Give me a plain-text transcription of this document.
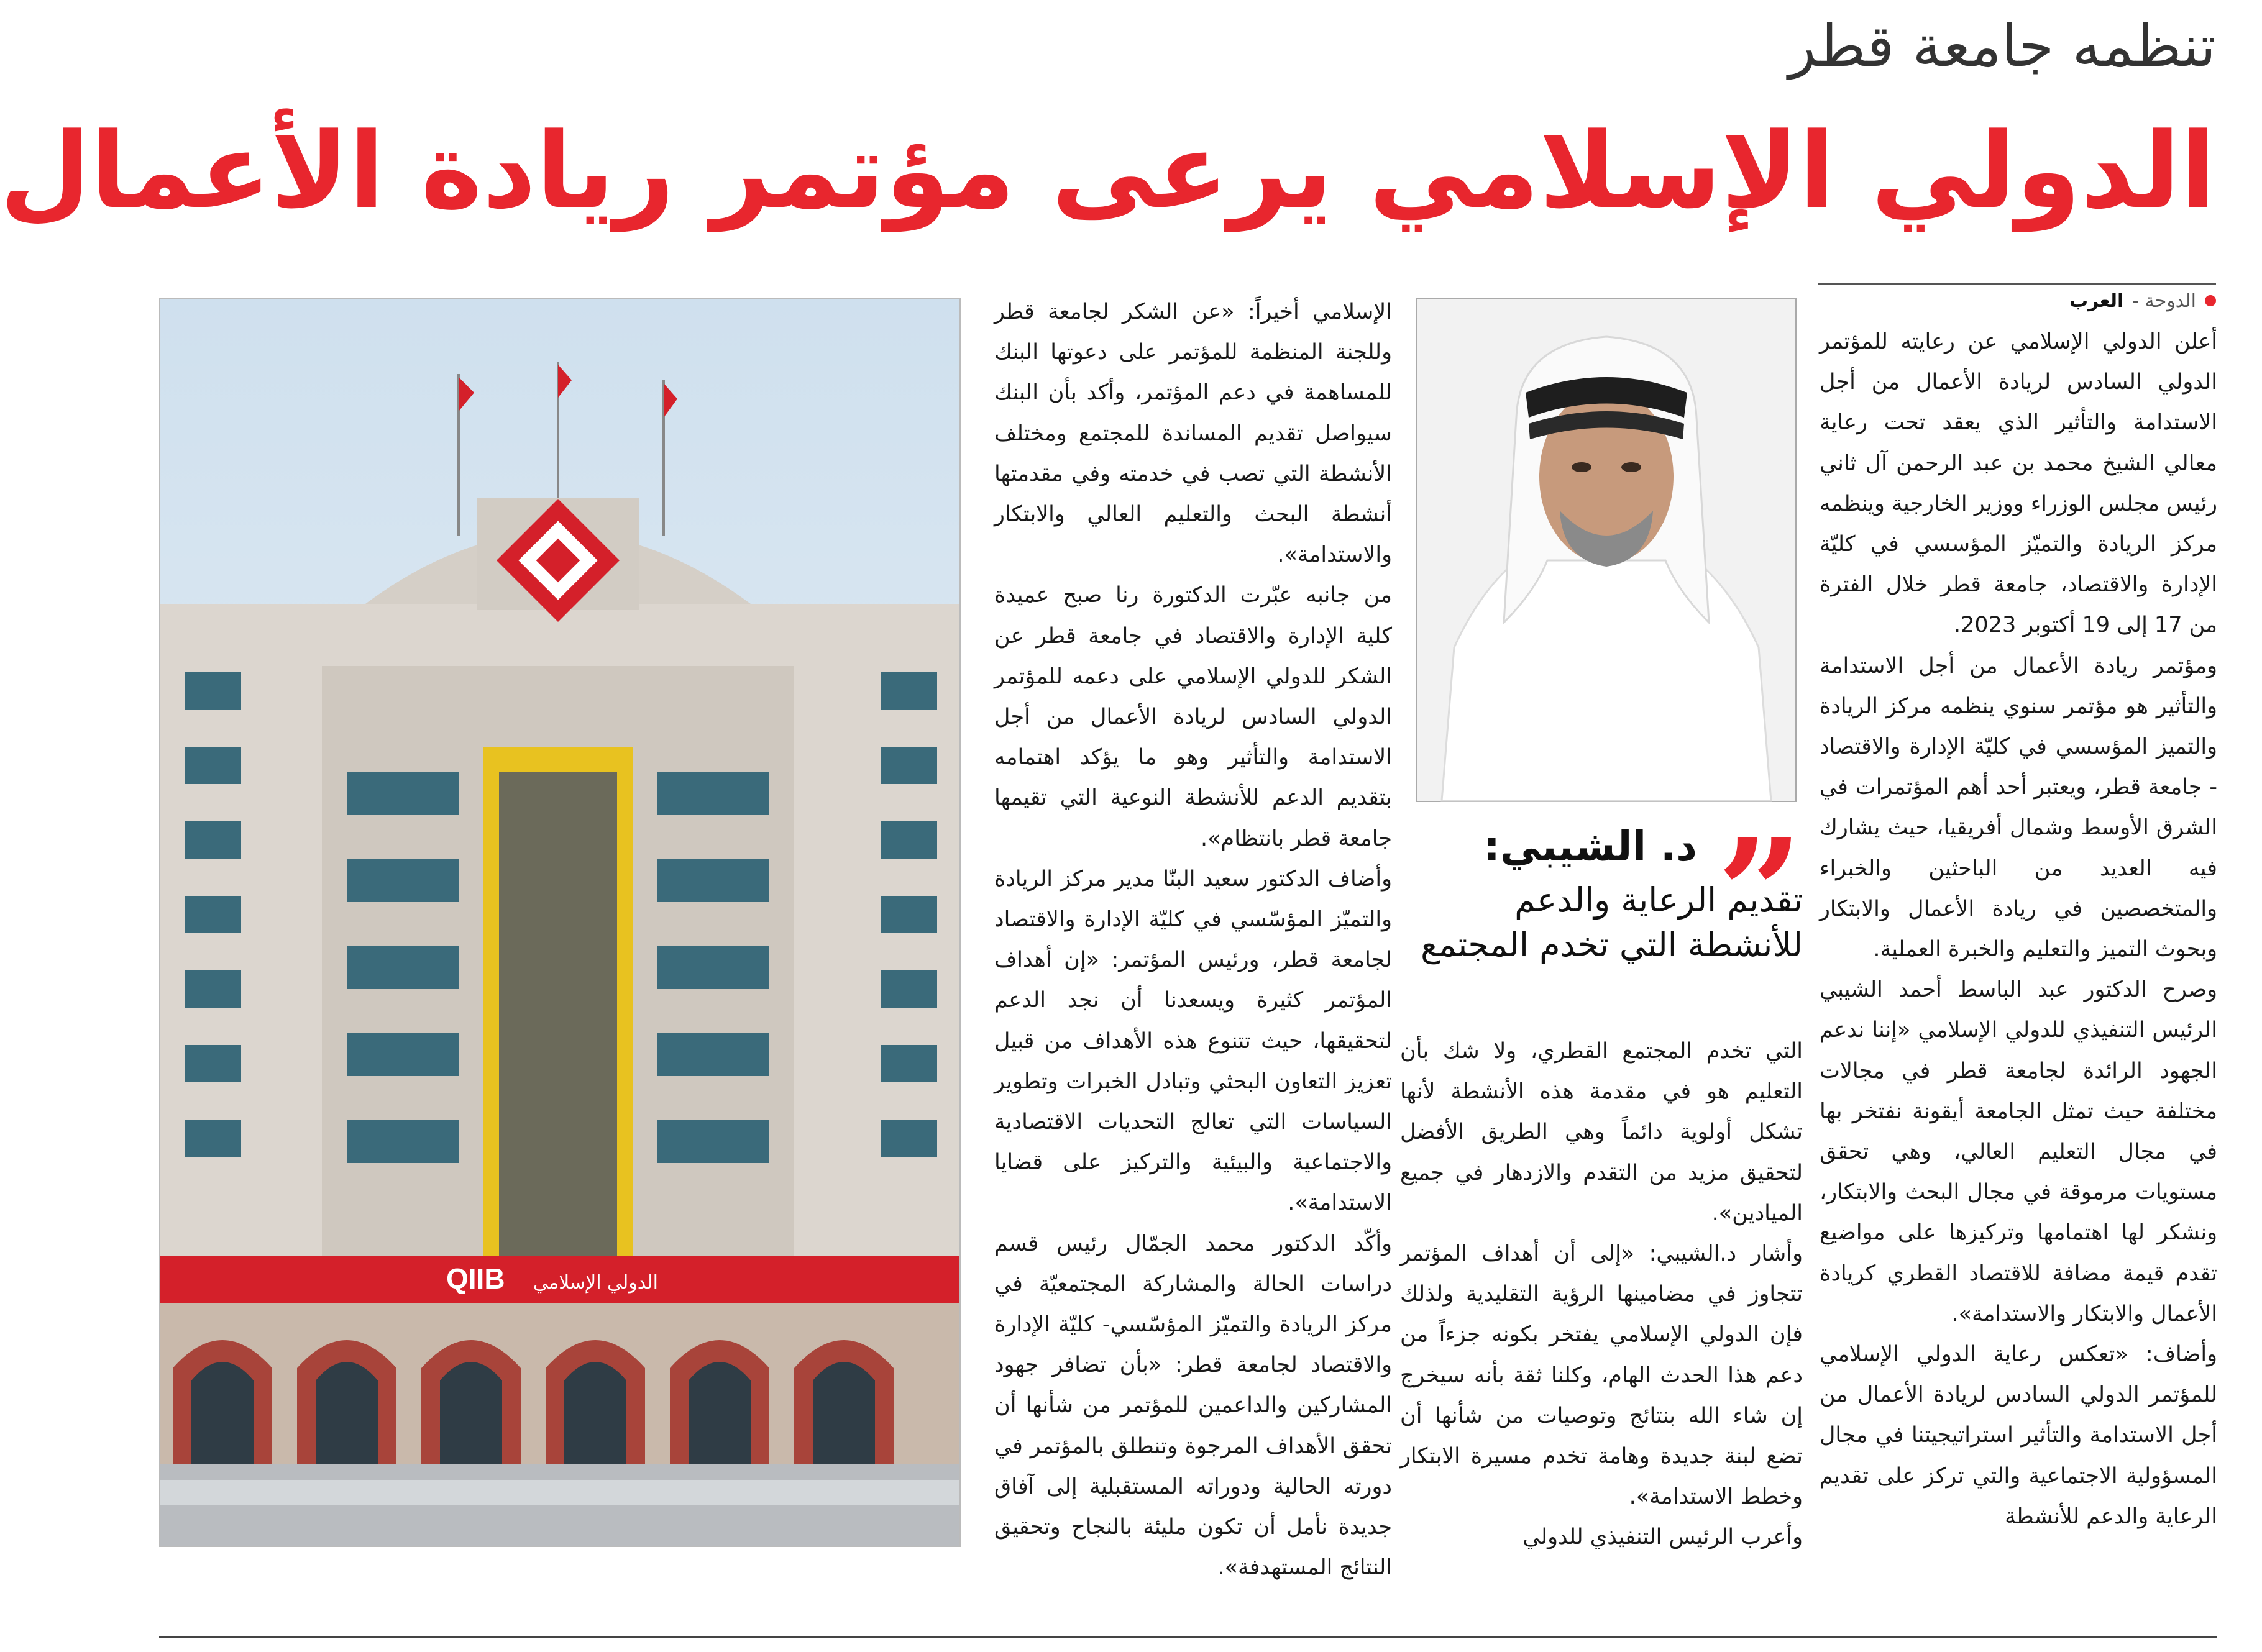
تنظمه جامعة قطر
الدولي الإسلامي يرعى مؤتمر ريادة الأعمال
الدوحة -
العرب

أعلن الدولي الإسلامي عن رعايته للمؤتمر الدولي السادس لريادة الأعمال من أجل الاستدامة والتأثير الذي يعقد تحت رعاية معالي الشيخ محمد بن عبد الرحمن آل ثاني رئيس مجلس الوزراء ووزير الخارجية وينظمه مركز الريادة والتميّز المؤسسي في كليّة الإدارة والاقتصاد، جامعة قطر خلال الفترة من 17 إلى 19 أكتوبر 2023.

ومؤتمر ريادة الأعمال من أجل الاستدامة والتأثير هو مؤتمر سنوي ينظمه مركز الريادة والتميز المؤسسي في كليّة الإدارة والاقتصاد - جامعة قطر، ويعتبر أحد أهم المؤتمرات في الشرق الأوسط وشمال أفريقيا، حيث يشارك فيه العديد من الباحثين والخبراء والمتخصصين في ريادة الأعمال والابتكار وبحوث التميز والتعليم والخبرة العملية.

وصرح الدكتور عبد الباسط أحمد الشيبي الرئيس التنفيذي للدولي الإسلامي «إننا ندعم الجهود الرائدة لجامعة قطر في مجالات مختلفة حيث تمثل الجامعة أيقونة نفتخر بها في مجال التعليم العالي، وهي تحقق مستويات مرموقة في مجال البحث والابتكار، ونشكر لها اهتمامها وتركيزها على مواضيع تقدم قيمة مضافة للاقتصاد القطري كريادة الأعمال والابتكار والاستدامة».

وأضاف: «تعكس رعاية الدولي الإسلامي للمؤتمر الدولي السادس لريادة الأعمال من أجل الاستدامة والتأثير استراتيجيتنا في مجال المسؤولية الاجتماعية والتي تركز على تقديم الرعاية والدعم للأنشطة

”
د. الشيبي:
تقديم الرعاية والدعم للأنشطة التي تخدم المجتمع

التي تخدم المجتمع القطري، ولا شك بأن التعليم هو في مقدمة هذه الأنشطة لأنها تشكل أولوية دائماً وهي الطريق الأفضل لتحقيق مزيد من التقدم والازدهار في جميع الميادين».

وأشار د.الشيبي: «إلى أن أهداف المؤتمر تتجاوز في مضامينها الرؤية التقليدية ولذلك فإن الدولي الإسلامي يفتخر بكونه جزءاً من دعم هذا الحدث الهام، وكلنا ثقة بأنه سيخرج إن شاء الله بنتائج وتوصيات من شأنها أن تضع لبنة جديدة وهامة تخدم مسيرة الابتكار وخطط الاستدامة».

وأعرب الرئيس التنفيذي للدولي

الإسلامي أخيراً: «عن الشكر لجامعة قطر وللجنة المنظمة للمؤتمر على دعوتها البنك للمساهمة في دعم المؤتمر، وأكد بأن البنك سيواصل تقديم المساندة للمجتمع ومختلف الأنشطة التي تصب في خدمته وفي مقدمتها أنشطة البحث والتعليم العالي والابتكار والاستدامة».

من جانبه عبّرت الدكتورة رنا صبح عميدة كلية الإدارة والاقتصاد في جامعة قطر عن الشكر للدولي الإسلامي على دعمه للمؤتمر الدولي السادس لريادة الأعمال من أجل الاستدامة والتأثير وهو ما يؤكد اهتمامه بتقديم الدعم للأنشطة النوعية التي تقيمها جامعة قطر بانتظام».

وأضاف الدكتور سعيد البنّا مدير مركز الريادة والتميّز المؤسّسي في كليّة الإدارة والاقتصاد لجامعة قطر، ورئيس المؤتمر: «إن أهداف المؤتمر كثيرة ويسعدنا أن نجد الدعم لتحقيقها، حيث تتنوع هذه الأهداف من قبيل تعزيز التعاون البحثي وتبادل الخبرات وتطوير السياسات التي تعالج التحديات الاقتصادية والاجتماعية والبيئية والتركيز على قضايا الاستدامة».

وأكّد الدكتور محمد الجمّال رئيس قسم دراسات الحالة والمشاركة المجتمعيّة في مركز الريادة والتميّز المؤسّسي- كليّة الإدارة والاقتصاد لجامعة قطر: «بأن تضافر جهود المشاركين والداعمين للمؤتمر من شأنها أن تحقق الأهداف المرجوة وتنطلق بالمؤتمر في دورته الحالية ودوراته المستقبلية إلى آفاق جديدة نأمل أن تكون مليئة بالنجاح وتحقيق النتائج المستهدفة».

QIIB الدولي الإسلامي
